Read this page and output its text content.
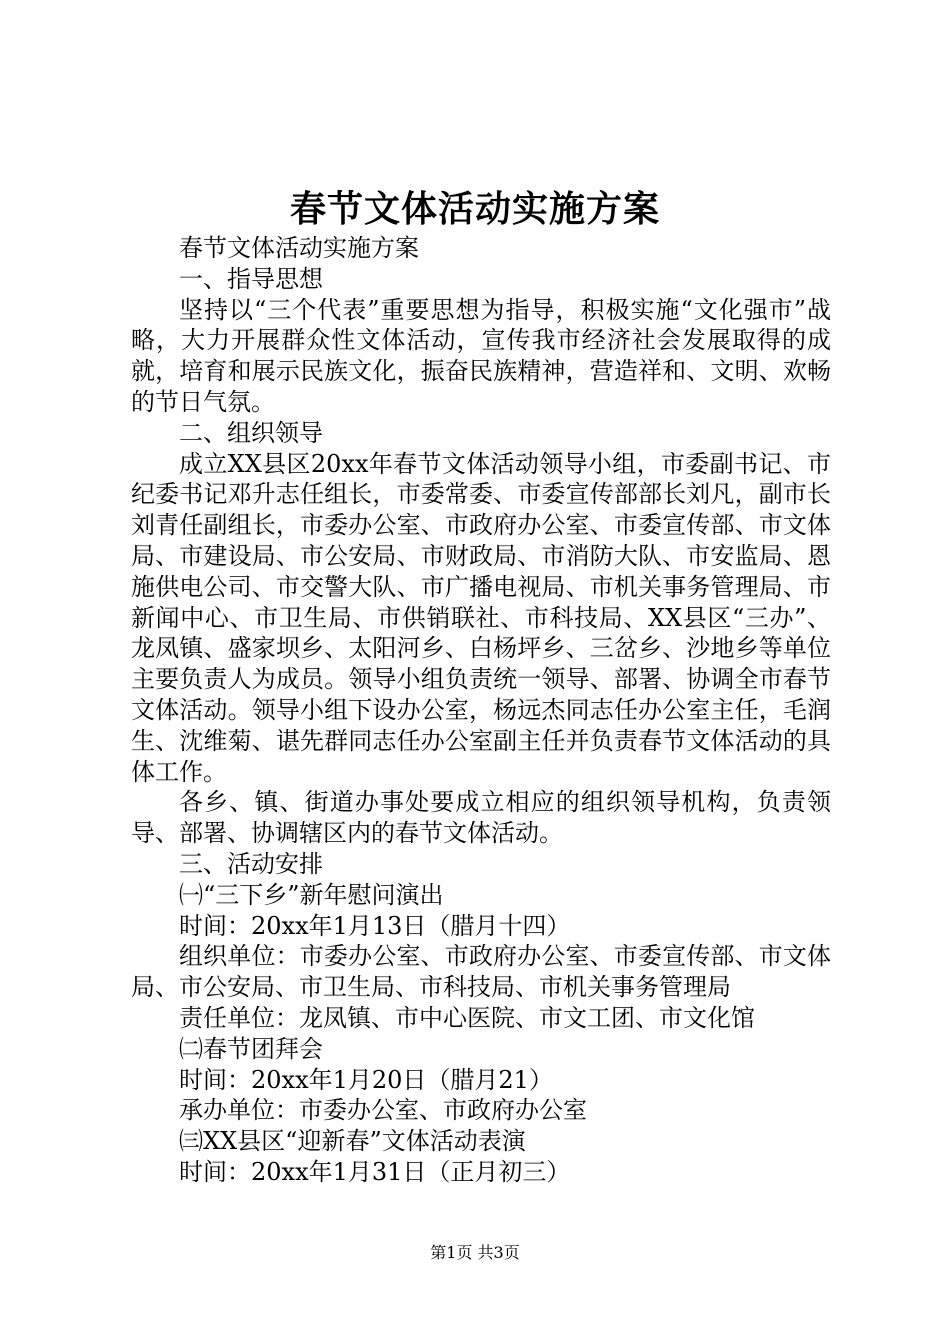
春节文体活动实施方案

春节文体活动实施方案

一、指导思想

坚持以“三个代表”重要思想为指导，积极实施“文化强市”战略，大力开展群众性文体活动，宣传我市经济社会发展取得的成就，培育和展示民族文化，振奋民族精神，营造祥和、文明、欢畅的节日气氛。

二、组织领导

成立XX县区20xx年春节文体活动领导小组，市委副书记、市纪委书记邓升志任组长，市委常委、市委宣传部部长刘凡，副市长刘青任副组长，市委办公室、市政府办公室、市委宣传部、市文体局、市建设局、市公安局、市财政局、市消防大队、市安监局、恩施供电公司、市交警大队、市广播电视局、市机关事务管理局、市新闻中心、市卫生局、市供销联社、市科技局、XX县区“三办”、龙凤镇、盛家坝乡、太阳河乡、白杨坪乡、三岔乡、沙地乡等单位主要负责人为成员。领导小组负责统一领导、部署、协调全市春节文体活动。领导小组下设办公室，杨远杰同志任办公室主任，毛润生、沈维菊、谌先群同志任办公室副主任并负责春节文体活动的具体工作。

各乡、镇、街道办事处要成立相应的组织领导机构，负责领导、部署、协调辖区内的春节文体活动。

三、活动安排

㈠“三下乡”新年慰问演出

时间：20xx年1月13日（腊月十四）

组织单位：市委办公室、市政府办公室、市委宣传部、市文体局、市公安局、市卫生局、市科技局、市机关事务管理局

责任单位：龙凤镇、市中心医院、市文工团、市文化馆

㈡春节团拜会

时间：20xx年1月20日（腊月21）

承办单位：市委办公室、市政府办公室

㈢XX县区“迎新春”文体活动表演

时间：20xx年1月31日（正月初三）

第1页 共3页
